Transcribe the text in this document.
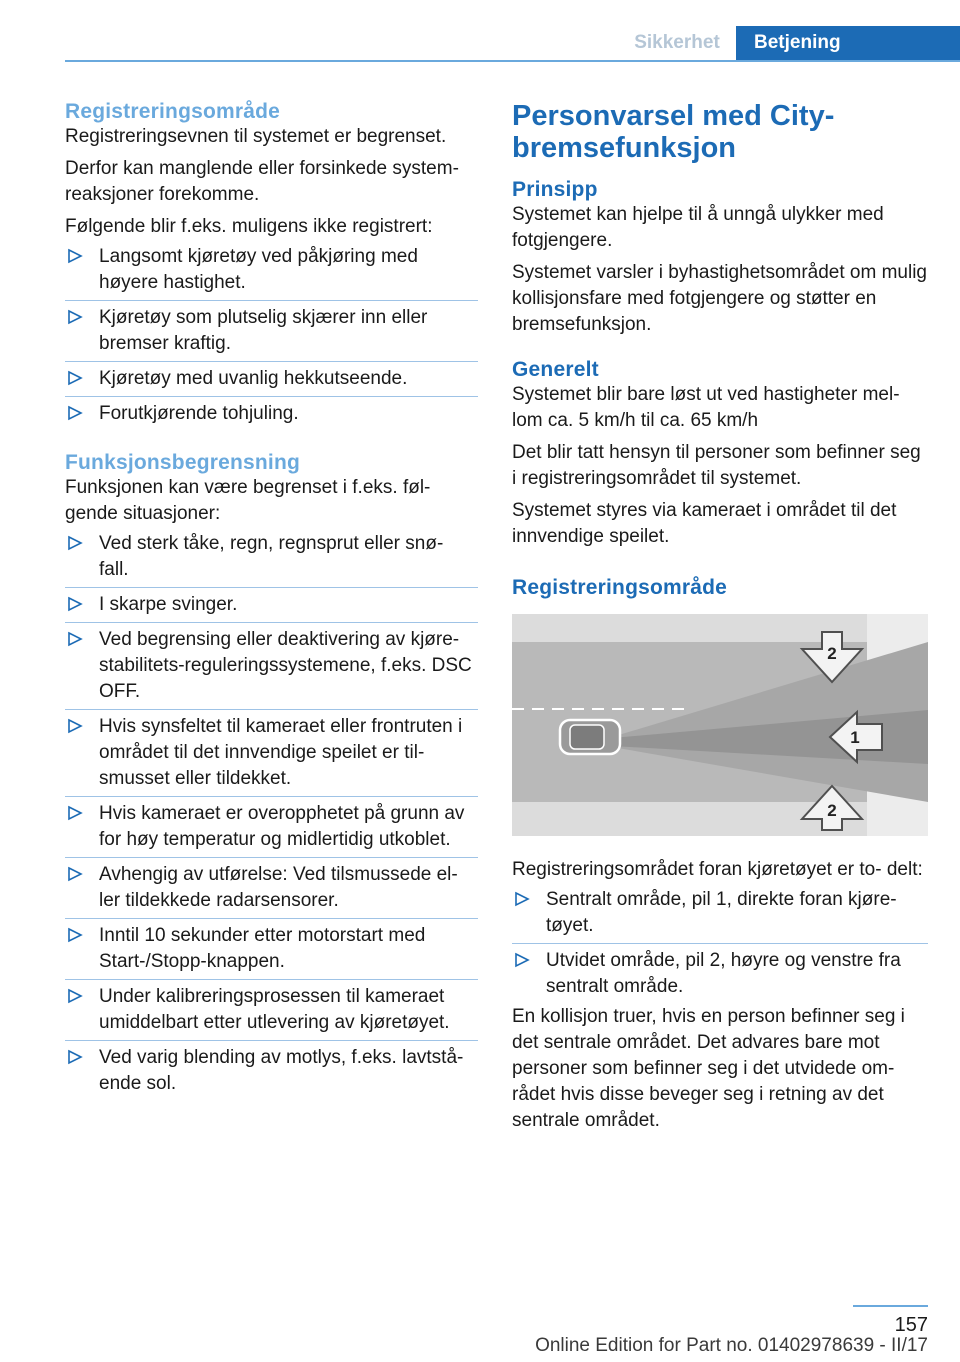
Sikkerhet	Betjening
Registreringsområde

Registreringsevnen til systemet er begrenset.

Derfor kan manglende eller forsinkede system‐ reaksjoner forekomme.

Følgende blir f.eks. muligens ikke registrert:

Langsomt kjøretøy ved påkjøring med høyere hastighet.
Kjøretøy som plutselig skjærer inn eller bremser kraftig.
Kjøretøy med uvanlig hekkutseende.
Forutkjørende tohjuling.
Funksjonsbegrensning

Funksjonen kan være begrenset i f.eks. føl‐ gende situasjoner:

Ved sterk tåke, regn, regnsprut eller snø‐ fall.
I skarpe svinger.
Ved begrensing eller deaktivering av kjøre‐ stabilitets-reguleringssystemene, f.eks. DSC OFF.
Hvis synsfeltet til kameraet eller frontruten i området til det innvendige speilet er til‐ smusset eller tildekket.
Hvis kameraet er overopphetet på grunn av for høy temperatur og midlertidig utkoblet.
Avhengig av utførelse: Ved tilsmussede el‐ ler tildekkede radarsensorer.
Inntil 10 sekunder etter motorstart med Start-/Stopp-knappen.
Under kalibreringsprosessen til kameraet umiddelbart etter utlevering av kjøretøyet.
Ved varig blending av motlys, f.eks. lavtstå‐ ende sol.
Personvarsel med City‐ bremsefunksjon
Prinsipp

Systemet kan hjelpe til å unngå ulykker med fotgjengere.

Systemet varsler i byhastighetsområdet om mulig kollisjonsfare med fotgjengere og støtter en bremsefunksjon.

Generelt

Systemet blir bare løst ut ved hastigheter mel‐ lom ca. 5 km/h til ca. 65 km/h

Det blir tatt hensyn til personer som befinner seg i registreringsområdet til systemet.

Systemet styres via kameraet i området til det innvendige speilet.

Registreringsområde
2
1
2

Registreringsområdet foran kjøretøyet er to‐ delt:

Sentralt område, pil 1, direkte foran kjøre‐ tøyet.
Utvidet område, pil 2, høyre og venstre fra sentralt område.

En kollisjon truer, hvis en person befinner seg i det sentrale området. Det advares bare mot personer som befinner seg i det utvidede om‐ rådet hvis disse beveger seg i retning av det sentrale området.

157
Online Edition for Part no. 01402978639 - II/17
